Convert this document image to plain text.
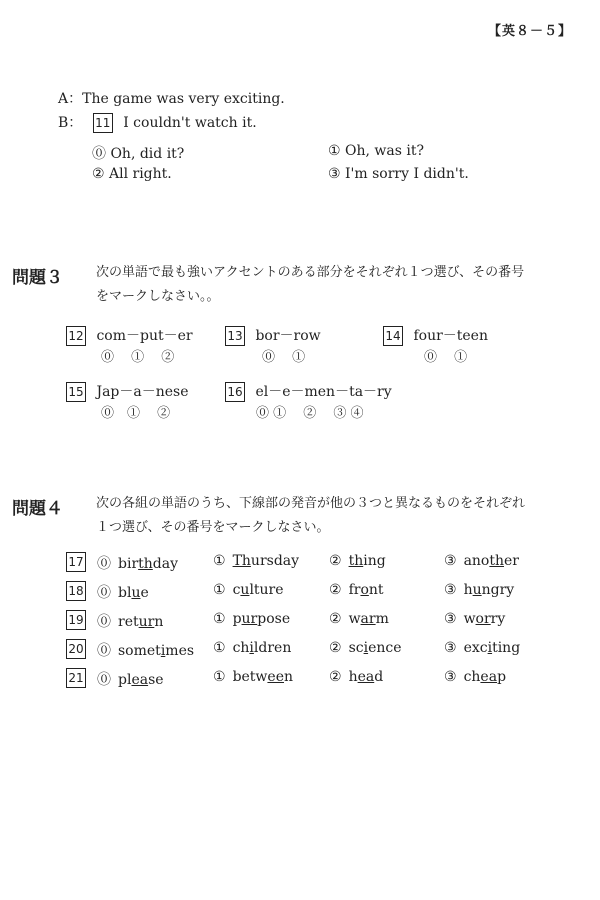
【英８－５】
A：The game was very exciting.
B： 11 I couldn't watch it.
⓪ Oh, did it?	① Oh, was it?
② All right.	③ I'm sorry I didn't.
問題３	次の単語で最も強いアクセントのある部分をそれぞれ１つ選び、その番号
をマークしなさい。。
12 com－put－er
⓪　 ①　 ②
13 bor－row
⓪　 ①
14 four－teen
⓪　 ①
15 Jap－a－nese
⓪　①　 ②
16 el－e－men－ta－ry
⓪ ①　 ②　 ③ ④
問題４	次の各組の単語のうち、下線部の発音が他の３つと異なるものをそれぞれ
１つ選び、その番号をマークしなさい。
17 ⓪ birthday ① Thursday ② thing	③ another
18 ⓪ blue	① culture	② front	③ hungry
19 ⓪ return	① purpose	② warm	③ worry
20 ⓪ sometimes ① children	② science	③ exciting
21 ⓪ please	① between	② head	③ cheap
